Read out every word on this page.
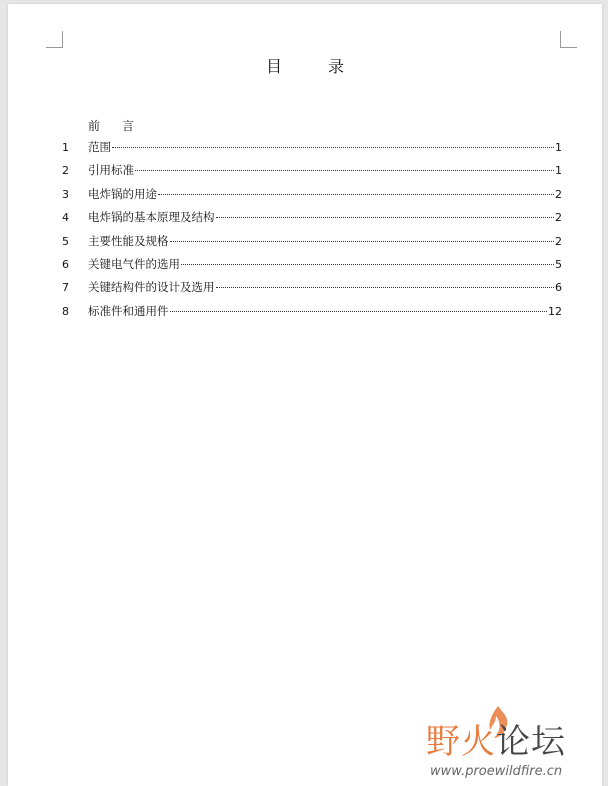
目	录
前 言
1	范围	1
2	引用标准	1
3	电炸锅的用途	2
4	电炸锅的基本原理及结构	2
5	主要性能及规格	2
6	关键电气件的选用	5
7	关键结构件的设计及选用	6
8	标准件和通用件	12
野火论坛
www.proewildfire.cn
